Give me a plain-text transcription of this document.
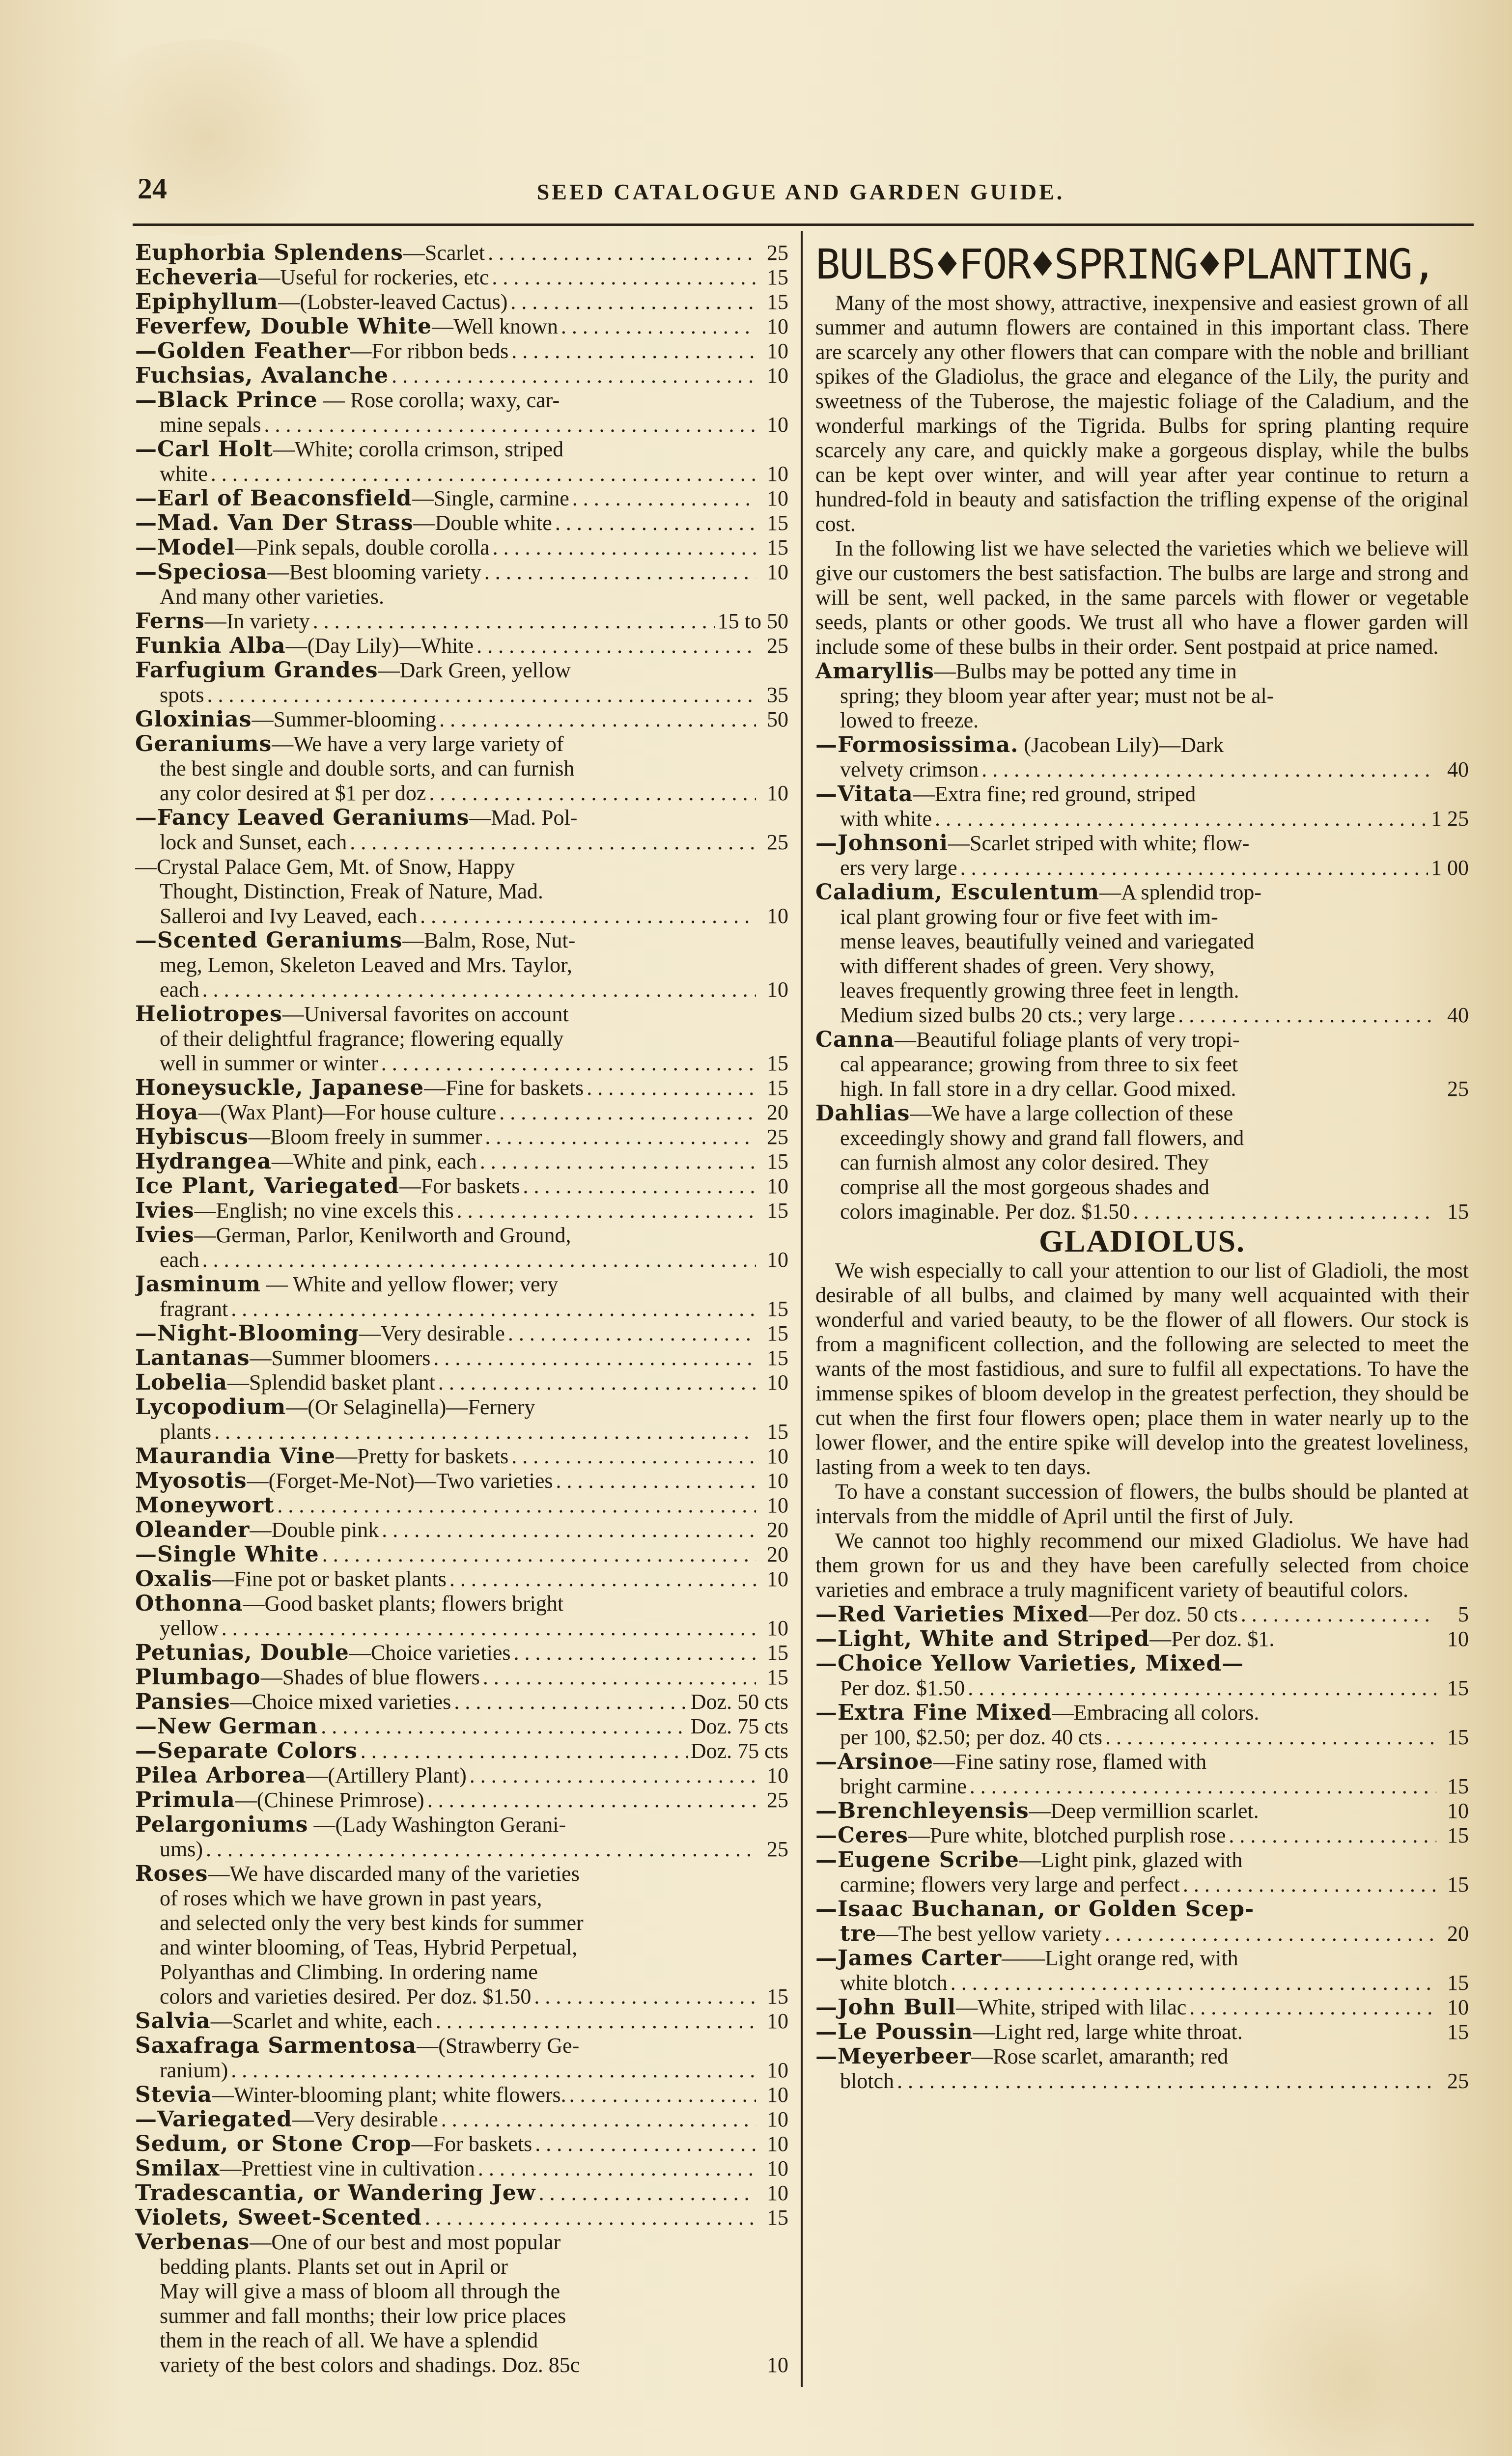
24	SEED CATALOGUE AND GARDEN GUIDE.
Euphorbia Splendens—Scarlet . . .	25
Echeveria—Useful for rockeries, etc . . .	15
Epiphyllum—(Lobster-leaved Cactus) . . .	15
Feverfew, Double White—Well known . . .	10
—Golden Feather—For ribbon beds . . .	10
Fuchsias, Avalanche . . .	10
—Black Prince — Rose corolla; waxy, car-
mine sepals . . .	10
—Carl Holt—White; corolla crimson, striped
white . . .	10
—Earl of Beaconsfield—Single, carmine . . .	10
—Mad. Van Der Strass—Double white . . .	15
—Model—Pink sepals, double corolla . . .	15
—Speciosa—Best blooming variety . . .	10
And many other varieties.
Ferns—In variety . . .	15 to 50
Funkia Alba—(Day Lily)—White . . .	25
Farfugium Grandes—Dark Green, yellow
spots . . .	35
Gloxinias—Summer-blooming . . .	50
Geraniums—We have a very large variety of
the best single and double sorts, and can furnish
any color desired at $1 per doz . . .	10
—Fancy Leaved Geraniums—Mad. Pol-
lock and Sunset, each . . .	25
—Crystal Palace Gem, Mt. of Snow, Happy
Thought, Distinction, Freak of Nature, Mad.
Salleroi and Ivy Leaved, each . . .	10
—Scented Geraniums—Balm, Rose, Nut-
meg, Lemon, Skeleton Leaved and Mrs. Taylor,
each . . .	10
Heliotropes—Universal favorites on account
of their delightful fragrance; flowering equally
well in summer or winter . . .	15
Honeysuckle, Japanese—Fine for baskets . . .	15
Hoya—(Wax Plant)—For house culture . . .	20
Hybiscus—Bloom freely in summer . . .	25
Hydrangea—White and pink, each . . .	15
Ice Plant, Variegated—For baskets . . .	10
Ivies—English; no vine excels this . . .	15
Ivies—German, Parlor, Kenilworth and Ground,
each . . .	10
Jasminum — White and yellow flower; very
fragrant . . .	15
—Night-Blooming—Very desirable . . .	15
Lantanas—Summer bloomers . . .	15
Lobelia—Splendid basket plant . . .	10
Lycopodium—(Or Selaginella)—Fernery
plants . . .	15
Maurandia Vine—Pretty for baskets . . .	10
Myosotis—(Forget-Me-Not)—Two varieties . . .	10
Moneywort . . .	10
Oleander—Double pink . . .	20
—Single White . . .	20
Oxalis—Fine pot or basket plants . . .	10
Othonna—Good basket plants; flowers bright
yellow . . .	10
Petunias, Double—Choice varieties . . .	15
Plumbago—Shades of blue flowers . . .	15
Pansies—Choice mixed varieties . . .	Doz. 50 cts
—New German . . .	Doz. 75 cts
—Separate Colors . . .	Doz. 75 cts
Pilea Arborea—(Artillery Plant) . . .	10
Primula—(Chinese Primrose) . . .	25
Pelargoniums —(Lady Washington Gerani-
ums) . . .	25
Roses—We have discarded many of the varieties
of roses which we have grown in past years,
and selected only the very best kinds for summer
and winter blooming, of Teas, Hybrid Perpetual,
Polyanthas and Climbing. In ordering name
colors and varieties desired. Per doz. $1.50 . . .	15
Salvia—Scarlet and white, each . . .	10
Saxafraga Sarmentosa—(Strawberry Ge-
ranium) . . .	10
Stevia—Winter-blooming plant; white flowers. . . .	10
—Variegated—Very desirable . . .	10
Sedum, or Stone Crop—For baskets . . .	10
Smilax—Prettiest vine in cultivation . . .	10
Tradescantia, or Wandering Jew . . .	10
Violets, Sweet-Scented . . .	15
Verbenas—One of our best and most popular
bedding plants. Plants set out in April or
May will give a mass of bloom all through the
summer and fall months; their low price places
them in the reach of all. We have a splendid
variety of the best colors and shadings. Doz. 85c	10
BULBS♦FOR♦SPRING♦PLANTING,

Many of the most showy, attractive, inexpensive and easiest grown of all summer and autumn flowers are contained in this important class. There are scarcely any other flowers that can compare with the noble and brilliant spikes of the Gladiolus, the grace and elegance of the Lily, the purity and sweetness of the Tuberose, the majestic foliage of the Caladium, and the wonderful markings of the Tigrida. Bulbs for spring planting require scarcely any care, and quickly make a gorgeous display, while the bulbs can be kept over winter, and will year after year continue to return a hundred-fold in beauty and satisfaction the trifling expense of the original cost.

In the following list we have selected the varieties which we believe will give our customers the best satisfaction. The bulbs are large and strong and will be sent, well packed, in the same parcels with flower or vegetable seeds, plants or other goods. We trust all who have a flower garden will include some of these bulbs in their order. Sent postpaid at price named.

Amaryllis—Bulbs may be potted any time in
spring; they bloom year after year; must not be al-
lowed to freeze.
—Formosissima. (Jacobean Lily)—Dark
velvety crimson . . .	40
—Vitata—Extra fine; red ground, striped
with white . . .	1 25
—Johnsoni—Scarlet striped with white; flow-
ers very large . . .	1 00
Caladium, Esculentum—A splendid trop-
ical plant growing four or five feet with im-
mense leaves, beautifully veined and variegated
with different shades of green. Very showy,
leaves frequently growing three feet in length.
Medium sized bulbs 20 cts.; very large . . .	40
Canna—Beautiful foliage plants of very tropi-
cal appearance; growing from three to six feet
high. In fall store in a dry cellar. Good mixed.	25
Dahlias—We have a large collection of these
exceedingly showy and grand fall flowers, and
can furnish almost any color desired. They
comprise all the most gorgeous shades and
colors imaginable. Per doz. $1.50 . . .	15
GLADIOLUS.

We wish especially to call your attention to our list of Gladioli, the most desirable of all bulbs, and claimed by many well acquainted with their wonderful and varied beauty, to be the flower of all flowers. Our stock is from a magnificent collection, and the following are selected to meet the wants of the most fastidious, and sure to fulfil all expectations. To have the immense spikes of bloom develop in the greatest perfection, they should be cut when the first four flowers open; place them in water nearly up to the lower flower, and the entire spike will develop into the greatest loveliness, lasting from a week to ten days.

To have a constant succession of flowers, the bulbs should be planted at intervals from the middle of April until the first of July.

We cannot too highly recommend our mixed Gladiolus. We have had them grown for us and they have been carefully selected from choice varieties and embrace a truly magnificent variety of beautiful colors.

—Red Varieties Mixed—Per doz. 50 cts . . .	5
—Light, White and Striped—Per doz. $1.	10
—Choice Yellow Varieties, Mixed—
Per doz. $1.50 . . .	15
—Extra Fine Mixed—Embracing all colors.
per 100, $2.50; per doz. 40 cts . . .	15
—Arsinoe—Fine satiny rose, flamed with
bright carmine . . .	15
—Brenchleyensis—Deep vermillion scarlet.	10
—Ceres—Pure white, blotched purplish rose . . .	15
—Eugene Scribe—Light pink, glazed with
carmine; flowers very large and perfect . . .	15
—Isaac Buchanan, or Golden Scep-
tre—The best yellow variety . . .	20
—James Carter——Light orange red, with
white blotch . . .	15
—John Bull—White, striped with lilac . . .	10
—Le Poussin—Light red, large white throat.	15
—Meyerbeer—Rose scarlet, amaranth; red
blotch . . .	25
